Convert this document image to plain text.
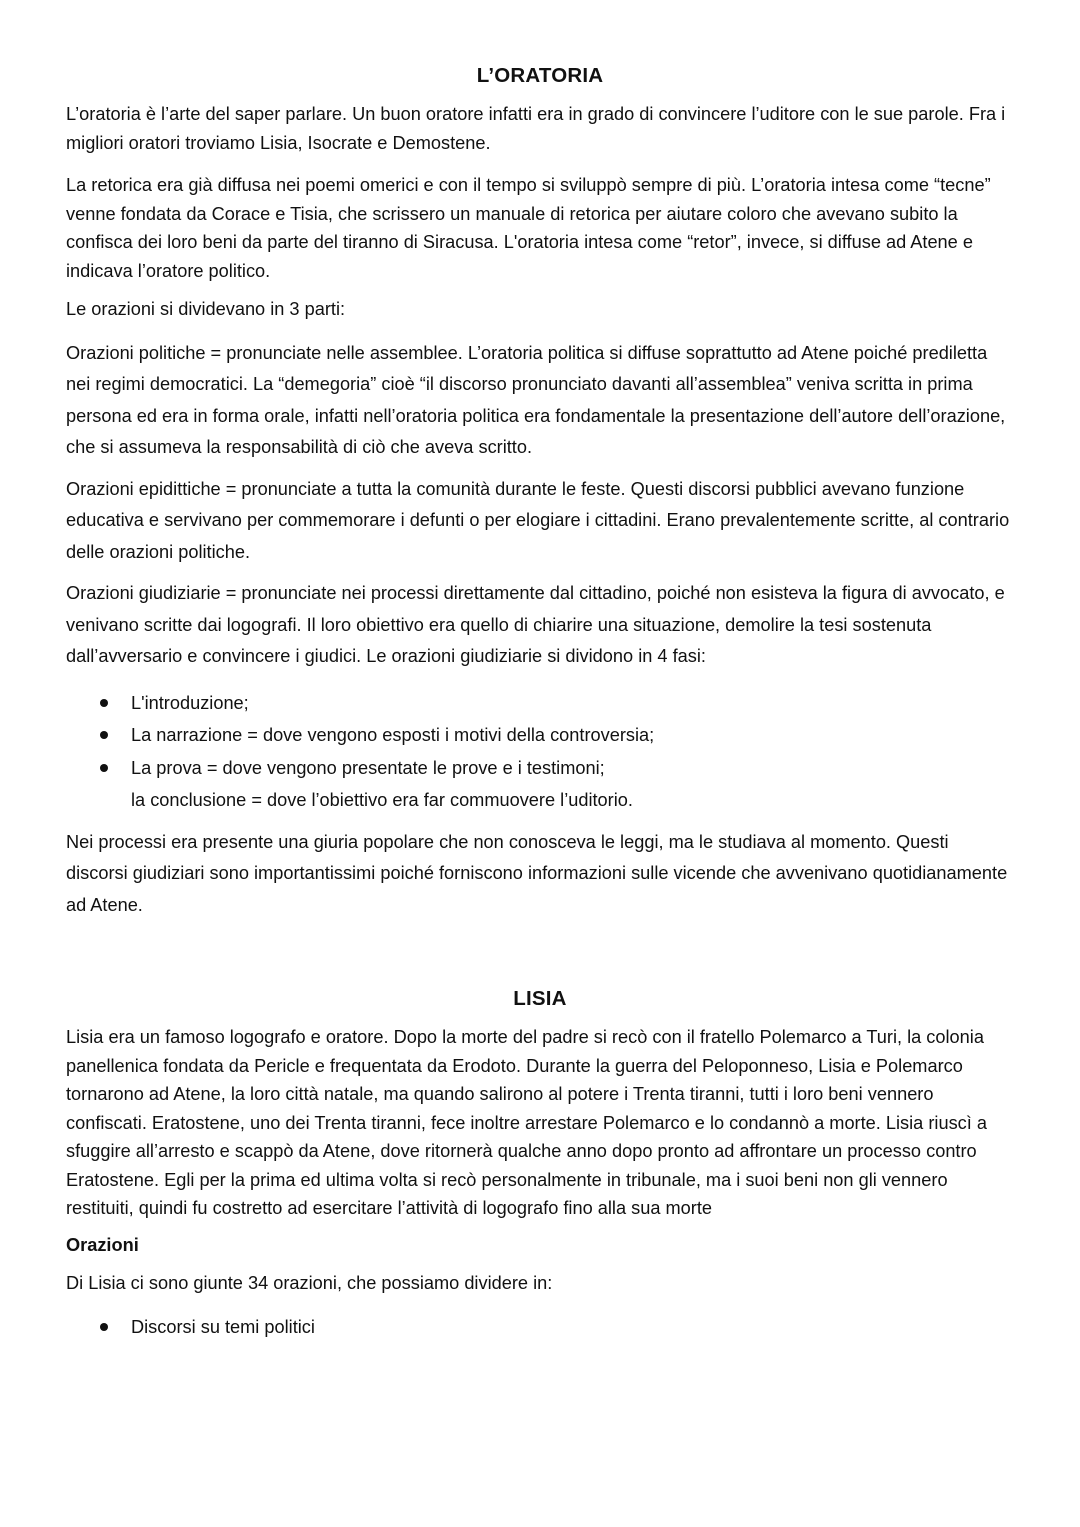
L’ORATORIA

L’oratoria è l’arte del saper parlare. Un buon oratore infatti era in grado di convincere l’uditore con le sue parole. Fra i migliori oratori troviamo Lisia, Isocrate e Demostene.

La retorica era già diffusa nei poemi omerici e con il tempo si sviluppò sempre di più. L’oratoria intesa come “tecne” venne fondata da Corace e Tisia, che scrissero un manuale di retorica per aiutare coloro che avevano subito la confisca dei loro beni da parte del tiranno di Siracusa. L'oratoria intesa come “retor”, invece, si diffuse ad Atene e indicava l’oratore politico.

Le orazioni si dividevano in 3 parti:

Orazioni politiche = pronunciate nelle assemblee. L’oratoria politica si diffuse soprattutto ad Atene poiché prediletta nei regimi democratici. La “demegoria” cioè “il discorso pronunciato davanti all’assemblea” veniva scritta in prima persona ed era in forma orale, infatti nell’oratoria politica era fondamentale la presentazione dell’autore dell’orazione, che si assumeva la responsabilità di ciò che aveva scritto.

Orazioni epidittiche = pronunciate a tutta la comunità durante le feste. Questi discorsi pubblici avevano funzione educativa e servivano per commemorare i defunti o per elogiare i cittadini. Erano prevalentemente scritte, al contrario delle orazioni politiche.

Orazioni giudiziarie = pronunciate nei processi direttamente dal cittadino, poiché non esisteva la figura di avvocato, e venivano scritte dai logografi. Il loro obiettivo era quello di chiarire una situazione, demolire la tesi sostenuta dall’avversario e convincere i giudici. Le orazioni giudiziarie si dividono in 4 fasi:

L'introduzione;
La narrazione = dove vengono esposti i motivi della controversia;
La prova = dove vengono presentate le prove e i testimoni;
la conclusione = dove l’obiettivo era far commuovere l’uditorio.

Nei processi era presente una giuria popolare che non conosceva le leggi, ma le studiava al momento. Questi discorsi giudiziari sono importantissimi poiché forniscono informazioni sulle vicende che avvenivano quotidianamente ad Atene.

LISIA

Lisia era un famoso logografo e oratore. Dopo la morte del padre si recò con il fratello Polemarco a Turi, la colonia panellenica fondata da Pericle e frequentata da Erodoto. Durante la guerra del Peloponneso, Lisia e Polemarco tornarono ad Atene, la loro città natale, ma quando salirono al potere i Trenta tiranni, tutti i loro beni vennero confiscati. Eratostene, uno dei Trenta tiranni, fece inoltre arrestare Polemarco e lo condannò a morte. Lisia riuscì a sfuggire all’arresto e scappò da Atene, dove ritornerà qualche anno dopo pronto ad affrontare un processo contro Eratostene. Egli per la prima ed ultima volta si recò personalmente in tribunale, ma i suoi beni non gli vennero restituiti, quindi fu costretto ad esercitare l’attività di logografo fino alla sua morte

Orazioni

Di Lisia ci sono giunte 34 orazioni, che possiamo dividere in:

Discorsi su temi politici
